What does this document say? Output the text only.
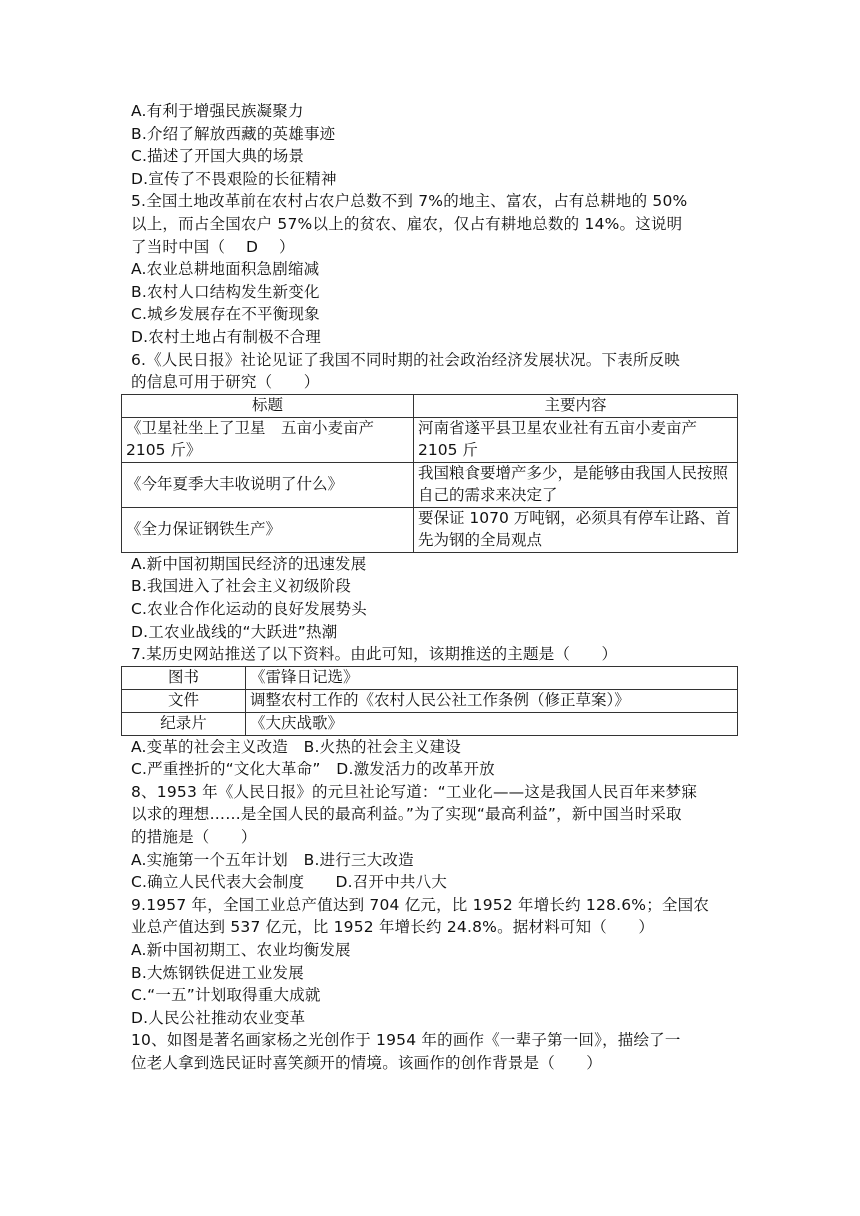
A.有利于增强民族凝聚力
B.介绍了解放西藏的英雄事迹
C.描述了开国大典的场景
D.宣传了不畏艰险的长征精神
5.全国土地改革前在农村占农户总数不到 7%的地主、富农，占有总耕地的 50%
以上，而占全国农户 57%以上的贫农、雇农，仅占有耕地总数的 14%。这说明
了当时中国（　 D　 ）
A.农业总耕地面积急剧缩减
B.农村人口结构发生新变化
C.城乡发展存在不平衡现象
D.农村土地占有制极不合理
6.《人民日报》社论见证了我国不同时期的社会政治经济发展状况。下表所反映
的信息可用于研究（　　）
标题	主要内容
《卫星社坐上了卫星　五亩小麦亩产 2105 斤》	河南省遂平县卫星农业社有五亩小麦亩产 2105 斤
《今年夏季大丰收说明了什么》	我国粮食要增产多少，是能够由我国人民按照自己的需求来决定了
《全力保证钢铁生产》	要保证 1070 万吨钢，必须具有停车让路、首先为钢的全局观点
A.新中国初期国民经济的迅速发展
B.我国进入了社会主义初级阶段
C.农业合作化运动的良好发展势头
D.工农业战线的“大跃进”热潮
7.某历史网站推送了以下资料。由此可知，该期推送的主题是（　　）
图书	《雷锋日记选》
文件	调整农村工作的《农村人民公社工作条例（修正草案）》
纪录片	《大庆战歌》
A.变革的社会主义改造　B.火热的社会主义建设
C.严重挫折的“文化大革命”　D.激发活力的改革开放
8、1953 年《人民日报》的元旦社论写道：“工业化——这是我国人民百年来梦寐
以求的理想……是全国人民的最高利益。”为了实现“最高利益”，新中国当时采取
的措施是（　　）
A.实施第一个五年计划　B.进行三大改造
C.确立人民代表大会制度　　D.召开中共八大
9.1957 年，全国工业总产值达到 704 亿元，比 1952 年增长约 128.6%；全国农
业总产值达到 537 亿元，比 1952 年增长约 24.8%。据材料可知（　　）
A.新中国初期工、农业均衡发展
B.大炼钢铁促进工业发展
C.“一五”计划取得重大成就
D.人民公社推动农业变革
10、如图是著名画家杨之光创作于 1954 年的画作《一辈子第一回》，描绘了一
位老人拿到选民证时喜笑颜开的情境。该画作的创作背景是（　　）
